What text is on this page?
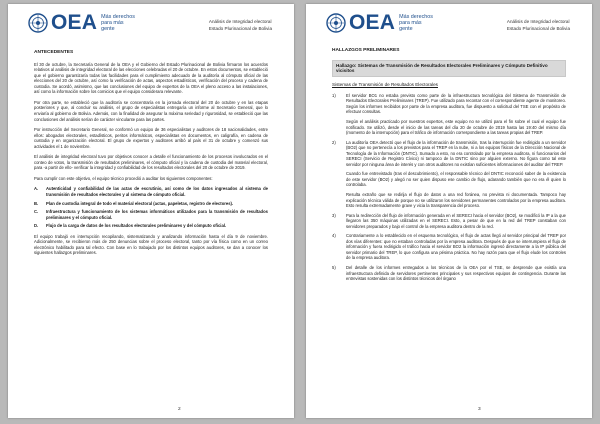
OEA Más derechos para más gente
Análisis de Integridad electoral
Estado Plurinacional de Bolivia
ANTECEDENTES

El 30 de octubre, la Secretaría General de la OEA y el Gobierno del Estado Plurinacional de Bolivia firmaron los acuerdos relativos al análisis de integridad electoral de las elecciones celebradas el 20 de octubre. En estos documentos, se estableció que el gobierno garantizaría todas las facilidades para el cumplimiento adecuado de la auditoría al cómputo oficial de las elecciones del 20 de octubre, así como la verificación de actas, aspectos estadísticos, verificación del proceso y cadena de custodia. Se acordó, asimismo, que las conclusiones del equipo de expertos de la OEA el pleno acceso a las instalaciones, así como la información sobre los comicios que el equipo considerara relevante.

Por otra parte, se estableció que la auditoría se concentraría en la jornada electoral del 20 de octubre y en las etapas posteriores y que, al concluir su análisis, el grupo de especialistas entregaría un informe al Secretario General, que lo enviaría al gobierno de Bolivia. Además, con la finalidad de asegurar la máxima seriedad y rigurosidad, se estableció que las conclusiones del análisis serían de carácter vinculante para las partes.

Por instrucción del Secretario General, se conformó un equipo de 36 especialistas y auditores de 18 nacionalidades, entre ellos: abogados electorales, estadísticos, peritos informáticos, especialistas en documentos, en caligrafía, en cadena de custodia y en organización electoral. El grupo de expertos y auditores arribó al país el 31 de octubre y comenzó sus actividades el 1 de noviembre.

El análisis de integridad electoral tuvo por objetivos conocer a detalle el funcionamiento de los procesos involucrados en el conteo de votos, la transmisión de resultados preliminares, el cómputo oficial y la cadena de custodia del material electoral, para -a partir de ello- verificar la integridad y confiabilidad de los resultados electorales del 20 de octubre de 2019.

Para cumplir con este objetivo, el equipo técnico procedió a auditar los siguientes componentes:

A.	Autenticidad y confiabilidad de las actas de escrutinio, así como de los datos ingresados al sistema de transmisión de resultados electorales y al sistema de cómputo oficial.
B.	Plan de custodia integral de todo el material electoral (actas, papeletas, registro de electores).
C.	Infraestructura y funcionamiento de los sistemas informáticos utilizados para la transmisión de resultados preliminares y el cómputo oficial.
D.	Flujo de la carga de datos de los resultados electorales preliminares y del cómputo oficial.

El equipo trabajó en interrupción recopilando, sistematizando y analizando información hasta el día 9 de noviembre. Adicionalmente, se recibieron más de 250 denuncias sobre el proceso electoral, tanto por vía física como en un correo electrónico habilitado para tal efecto. Con base en lo trabajado por los distintos equipos auditores, se dan a conocer los siguientes hallazgos preliminares.

2
OEA Más derechos para más gente
Análisis de Integridad electoral
Estado Plurinacional de Bolivia
HALLAZGOS PRELIMINARES
Hallazgo: Sistemas de Transmisión de Resultados Electorales Preliminares y Cómputo Definitivo vicisitos
Sistemas de Transmisión de Resultados Electorales
1)	El servidor BO1 no estaba previsto como parte de la infraestructura tecnológica del Sistema de Transmisión de Resultados Electorales Preliminares (TREP). Fue utilizado para recontar con el correspondiente agente de monitoreo. Según los informes recibidos por parte de la empresa auditora, fue dispuesto a solicitud del TSE con el propósito de efectuar consultas.
Según el análisis practicado por nuestros expertos, este equipo no se utilizó para el fin sobre el cual el equipo fue notificado. Se utilizó, desde el inicio de las tareas del día 20 de octubre de 2019 hasta las 19:40 del mismo día (momento de la interrupción) para el tráfico de información correspondiente a las tareas propias del TREP.
2)	La auditoría OEA detectó que el flujo de la información de transmisión, tras la interrupción fue redirigido a un servidor (BO2) que no pertenecía a los previstos para el TREP en la nube, ni a los equipos físicos de la Dirección Nacional de Tecnología de la Información (DNTIC). Sumado a esto, no era controlado por la empresa auditora, ni funcionarios del SERECI (Servicio de Registro Cívico) ni tampoco de la DNTIC sino por alguien externo. No figura como tal este servidor por ninguna área de interés y con otros auditores no existían suficientes informaciones del auditor del TREP.
Cuando fue entrevistado (tras el descubrimiento), el responsable técnico del DNTIC reconoció saber de la existencia de este servidor (BO2) y alegó no ser quien dispuso ese cambio de flujo, adarando también que no era él quien lo controlaba.
Resulta extraño que se redirija el flujo de datos a una red foránea, no prevista ni documentada. Tampoco hay explicación técnica válida de porque no se utilizaron los servidores permanentes controlados por la empresa auditora. Esto resulta extremadamente grave y vicia la transparencia del proceso.
3)	Para la redirección del flujo de información generada en el SERECI hacia el servidor (BO2), se modificó la IP a la que llegaron las 350 máquinas utilizadas en el SERECI. Esto, a pesar de que en la red del TREP constaban con servidores preparados y bajo el control de la empresa auditora dentro de la red.
4)	Contrariamente a lo establecido en el esquema tecnológico, el flujo de actas llegó al servidor principal del TREP por dos vías diferentes: que no estaban controladas por la empresa auditora. Después de que se interrumpiera el flujo de información y fuera redirigido el tráfico hacia el servidor BO2 la información ingresó directamente a la IP pública del servidor primario del TREP, lo que configura una pésima práctica. No hay razón para que el flujo elude los controles de la empresa auditora.
5)	Del detalle de los informes entregados a los técnicos de la OEA por el TSE, se desprende que existía una infraestructura definida de servidores pertinentes principales y sus respectivos equipos de contingencia. Durante las entrevistas sostenidas con los distintos técnicos del órgano
3
